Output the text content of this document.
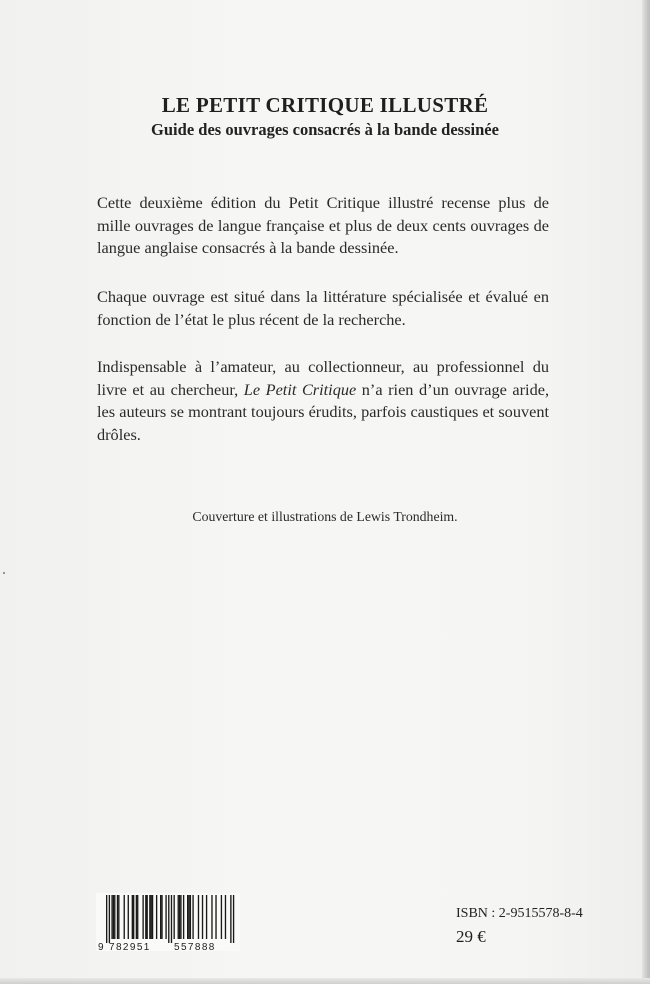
LE PETIT CRITIQUE ILLUSTRÉ
Guide des ouvrages consacrés à la bande dessinée

Cette deuxième édition du Petit Critique illustré recense plus de mille ouvrages de langue française et plus de deux cents ouvrages de langue anglaise consacrés à la bande dessinée.

Chaque ouvrage est situé dans la littérature spécialisée et évalué en fonction de l’état le plus récent de la recherche.

Indispensable à l’amateur, au collectionneur, au professionnel du livre et au chercheur, Le Petit Critique n’a rien d’un ouvrage aride, les auteurs se montrant toujours érudits, parfois caustiques et souvent drôles.

Couverture et illustrations de Lewis Trondheim.

9 782951 557888

ISBN : 2-9515578-8-4

29 €
